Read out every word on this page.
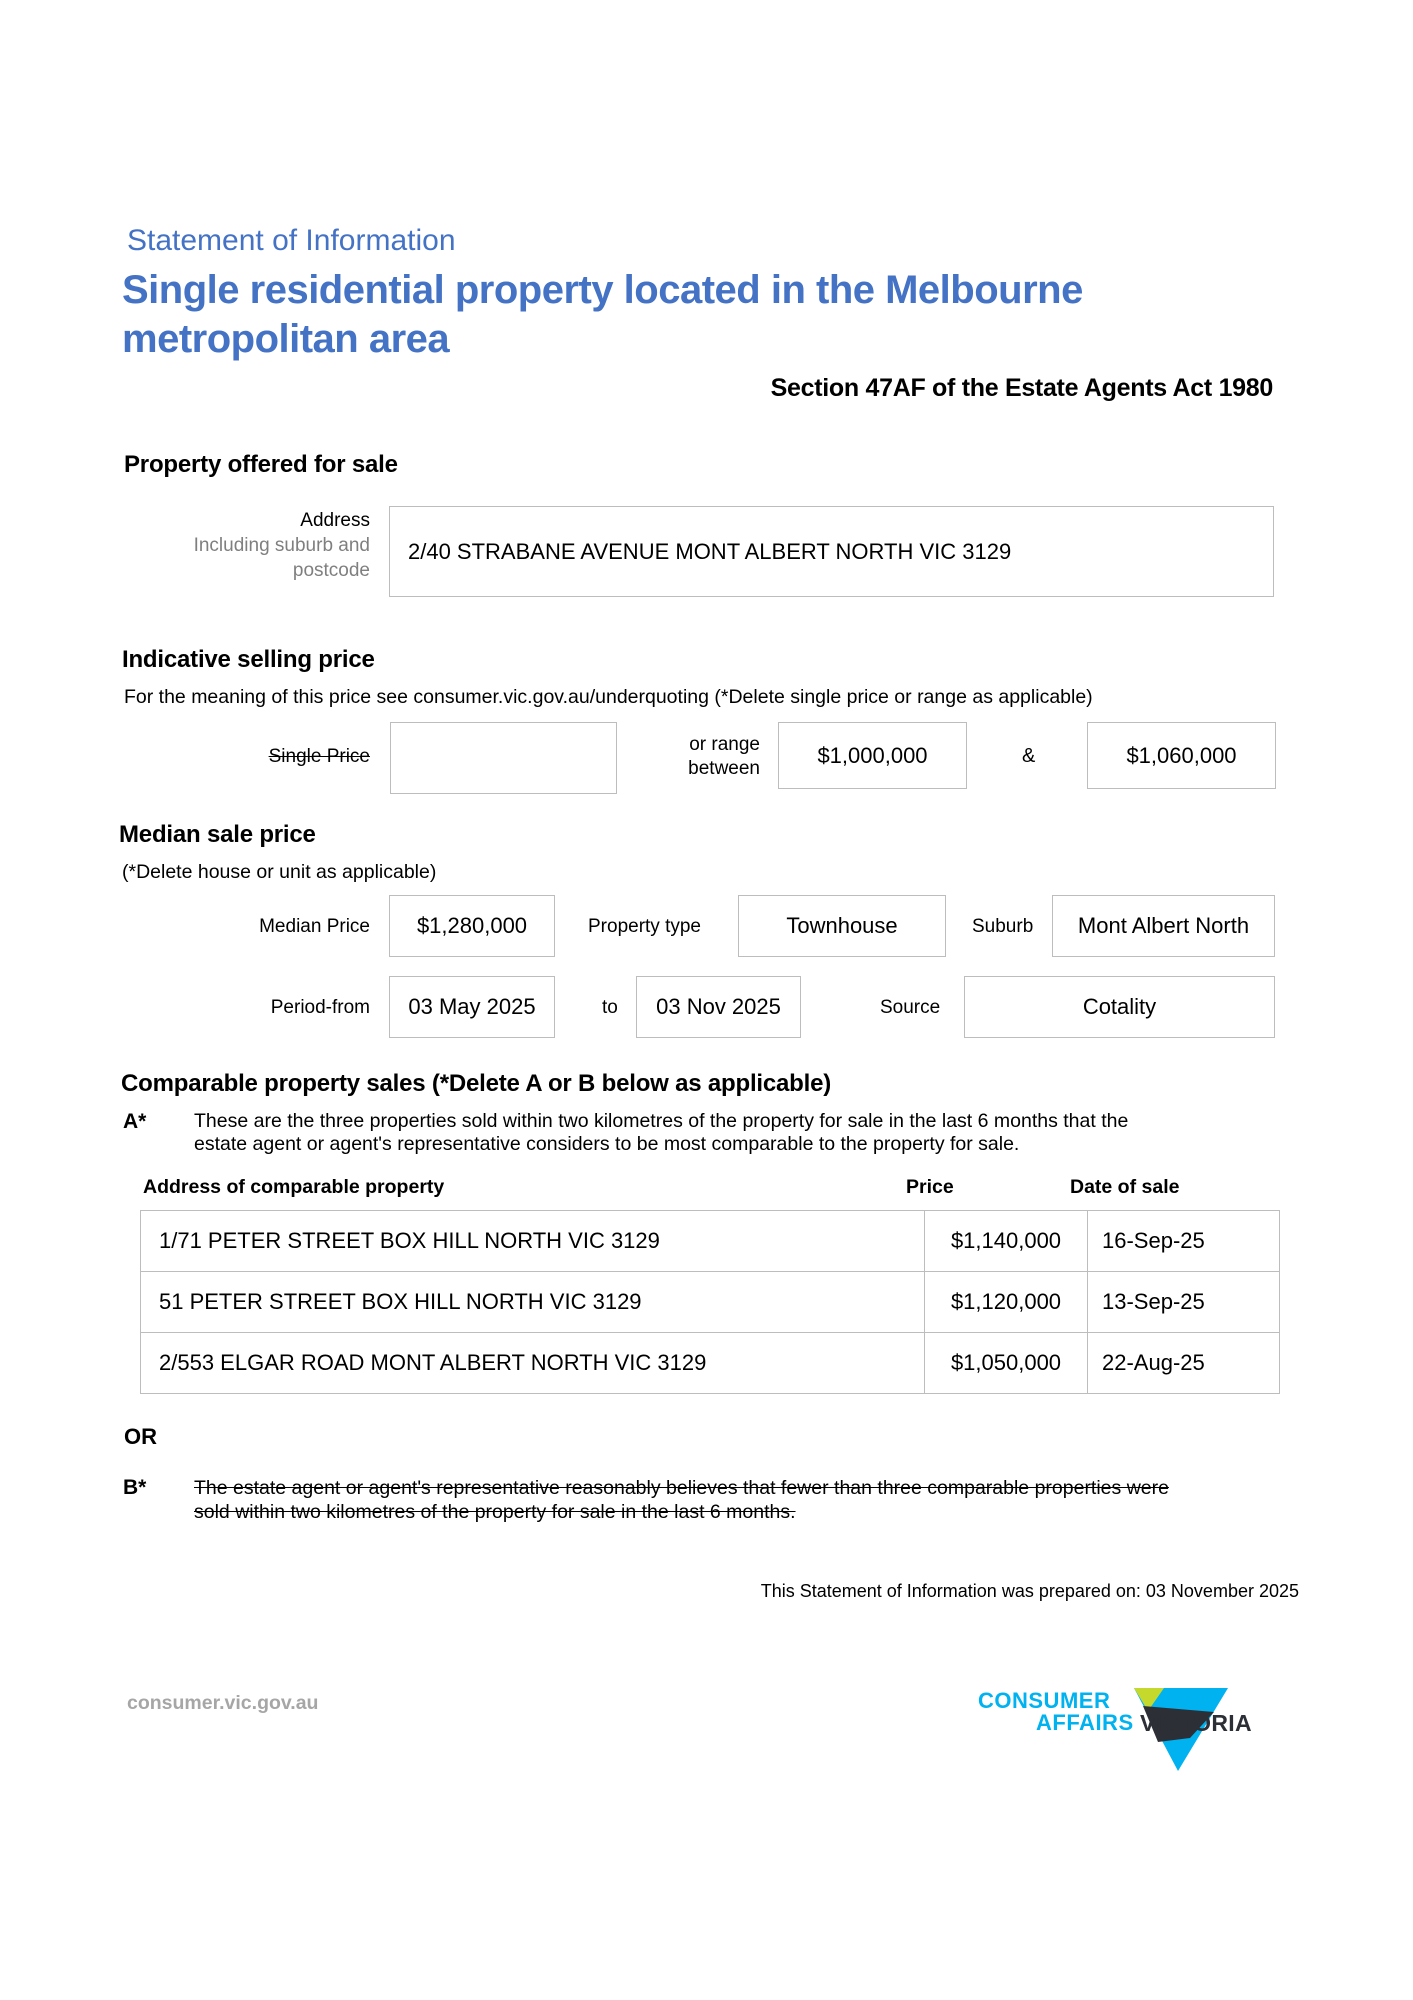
Statement of Information
Single residential property located in the Melbourne
metropolitan area
Section 47AF of the Estate Agents Act 1980
Property offered for sale
Address
Including suburb and
postcode
2/40 STRABANE AVENUE MONT ALBERT NORTH VIC 3129
Indicative selling price
For the meaning of this price see consumer.vic.gov.au/underquoting (*Delete single price or range as applicable)
Single Price
or range
between
$1,000,000	&	$1,060,000
Median sale price
(*Delete house or unit as applicable)
Median Price $1,280,000	Property type	Townhouse	Suburb Mont Albert North
Period-from 03 May 2025	to 03 Nov 2025	Source	Cotality
Comparable property sales (*Delete A or B below as applicable)
A* These are the three properties sold within two kilometres of the property for sale in the last 6 months that the
estate agent or agent's representative considers to be most comparable to the property for sale.
Address of comparable property	Price	Date of sale
1/71 PETER STREET BOX HILL NORTH VIC 3129	$1,140,000	16-Sep-25
51 PETER STREET BOX HILL NORTH VIC 3129	$1,120,000	13-Sep-25
2/553 ELGAR ROAD MONT ALBERT NORTH VIC 3129	$1,050,000	22-Aug-25
OR
B* The estate agent or agent's representative reasonably believes that fewer than three comparable properties were
sold within two kilometres of the property for sale in the last 6 months.
This Statement of Information was prepared on: 03 November 2025
consumer.vic.gov.au	CONSUMER
AFFAIRS VICTORIA
